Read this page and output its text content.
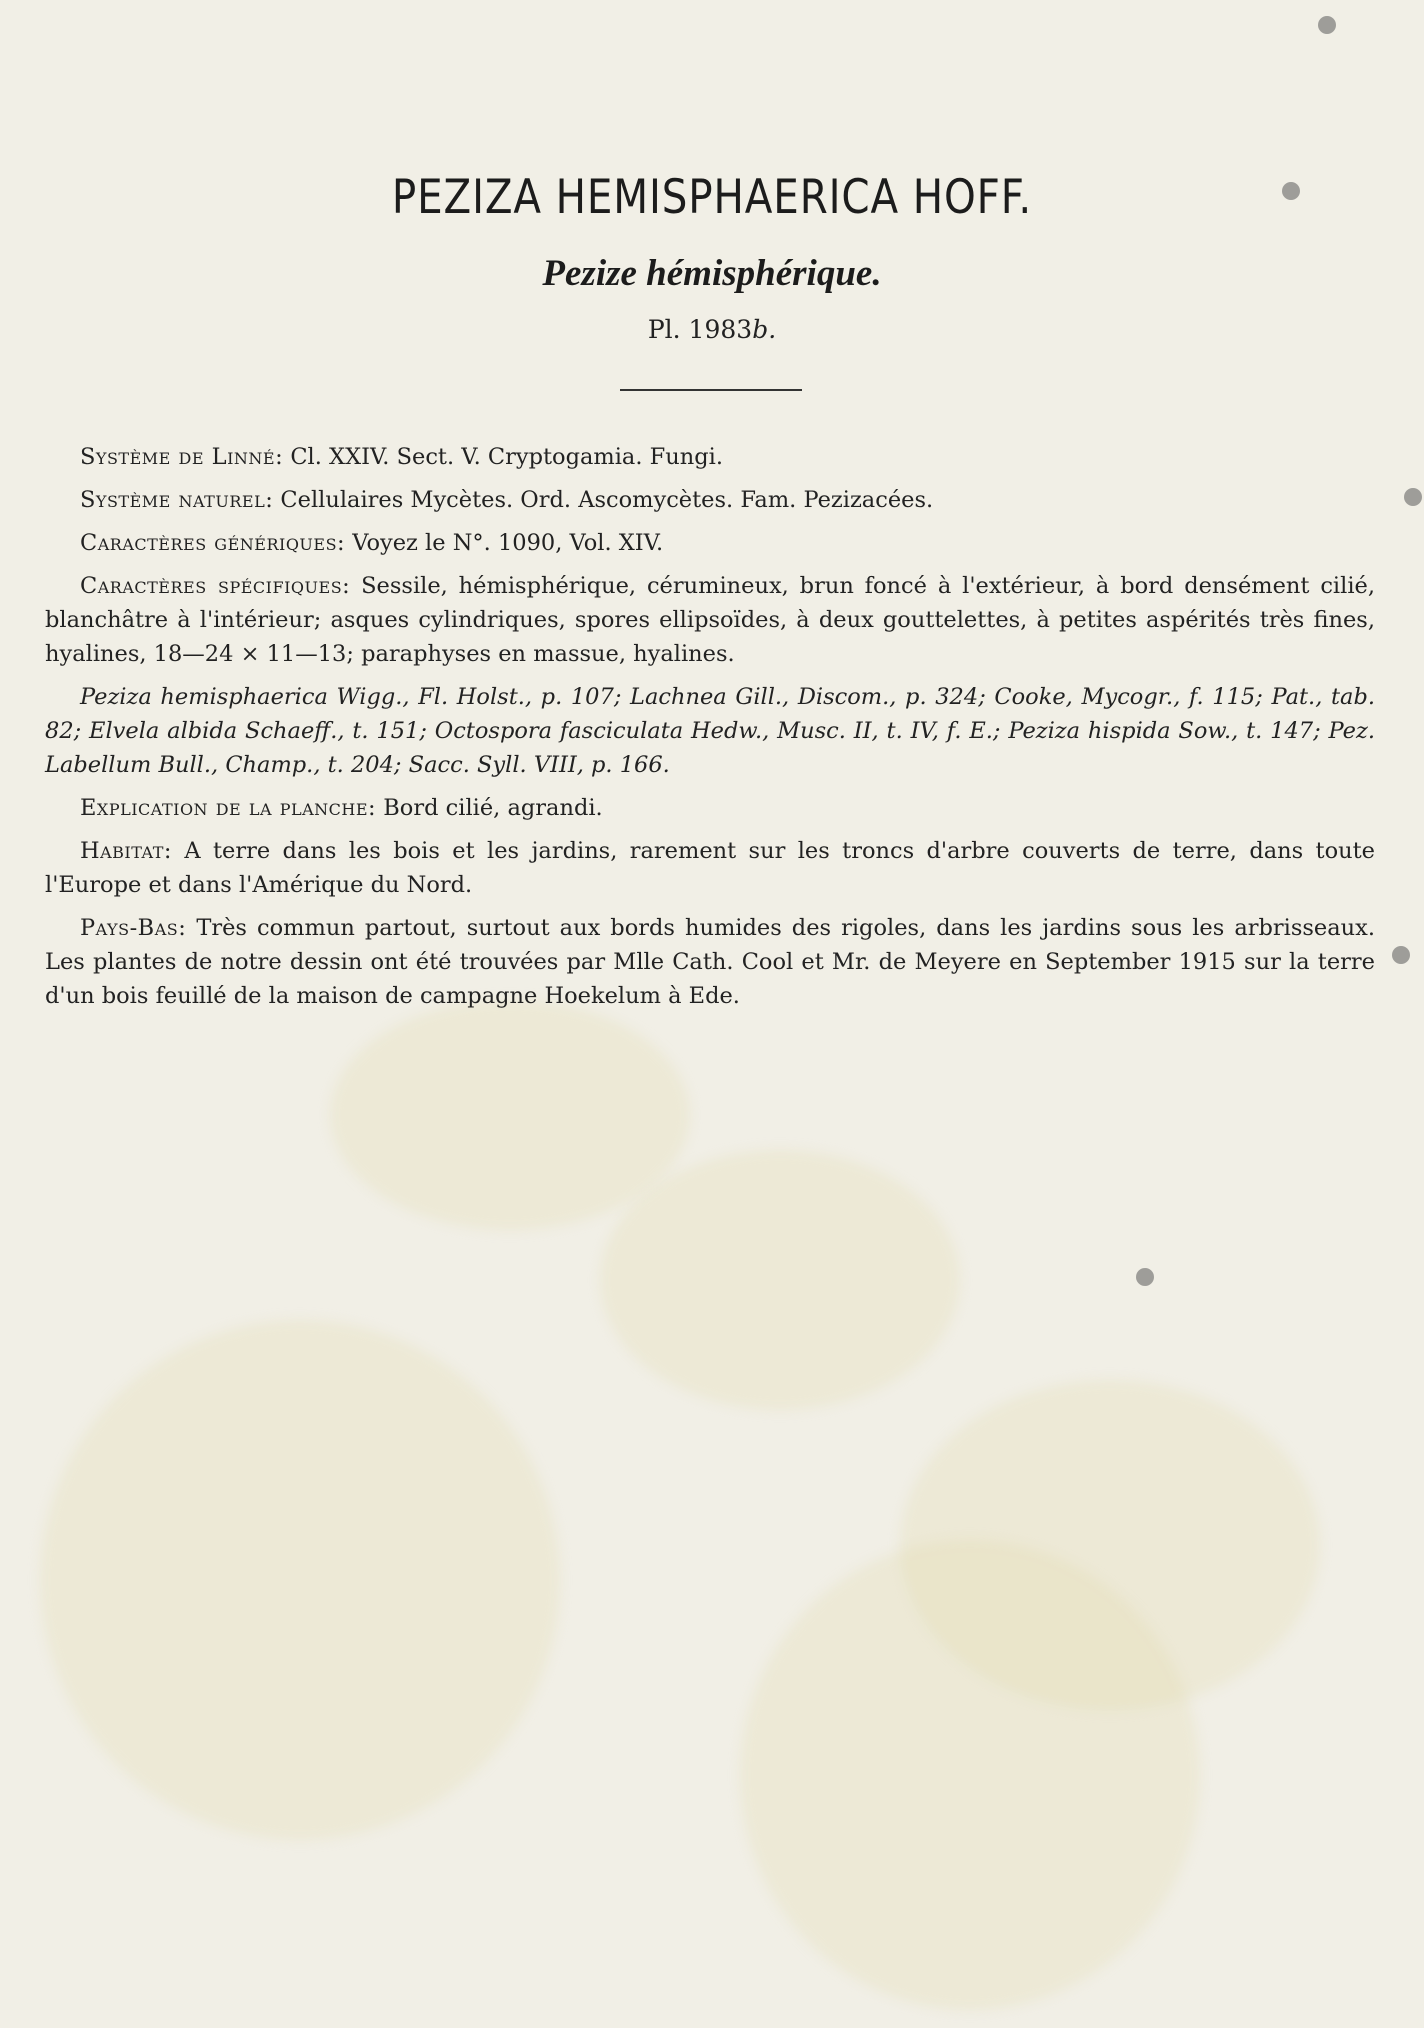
PEZIZA HEMISPHAERICA HOFF.
Pezize hémisphérique.
Pl. 1983b.

Système de Linné: Cl. XXIV. Sect. V. Cryptogamia. Fungi.

Système naturel: Cellulaires Mycètes. Ord. Ascomycètes. Fam. Pezizacées.

Caractères génériques: Voyez le N°. 1090, Vol. XIV.

Caractères spécifiques: Sessile, hémisphérique, cérumineux, brun foncé à l'extérieur, à bord densément cilié, blanchâtre à l'intérieur; asques cylindriques, spores ellipsoïdes, à deux gouttelettes, à petites aspérités très fines, hyalines, 18—24 × 11—13; paraphyses en massue, hyalines.

Peziza hemisphaerica Wigg., Fl. Holst., p. 107; Lachnea Gill., Discom., p. 324; Cooke, Mycogr., f. 115; Pat., tab. 82; Elvela albida Schaeff., t. 151; Octospora fasciculata Hedw., Musc. II, t. IV, f. E.; Peziza hispida Sow., t. 147; Pez. Labellum Bull., Champ., t. 204; Sacc. Syll. VIII, p. 166.

Explication de la planche: Bord cilié, agrandi.

Habitat: A terre dans les bois et les jardins, rarement sur les troncs d'arbre couverts de terre, dans toute l'Europe et dans l'Amérique du Nord.

Pays-Bas: Très commun partout, surtout aux bords humides des rigoles, dans les jardins sous les arbrisseaux. Les plantes de notre dessin ont été trouvées par Mlle Cath. Cool et Mr. de Meyere en September 1915 sur la terre d'un bois feuillé de la maison de campagne Hoekelum à Ede.
